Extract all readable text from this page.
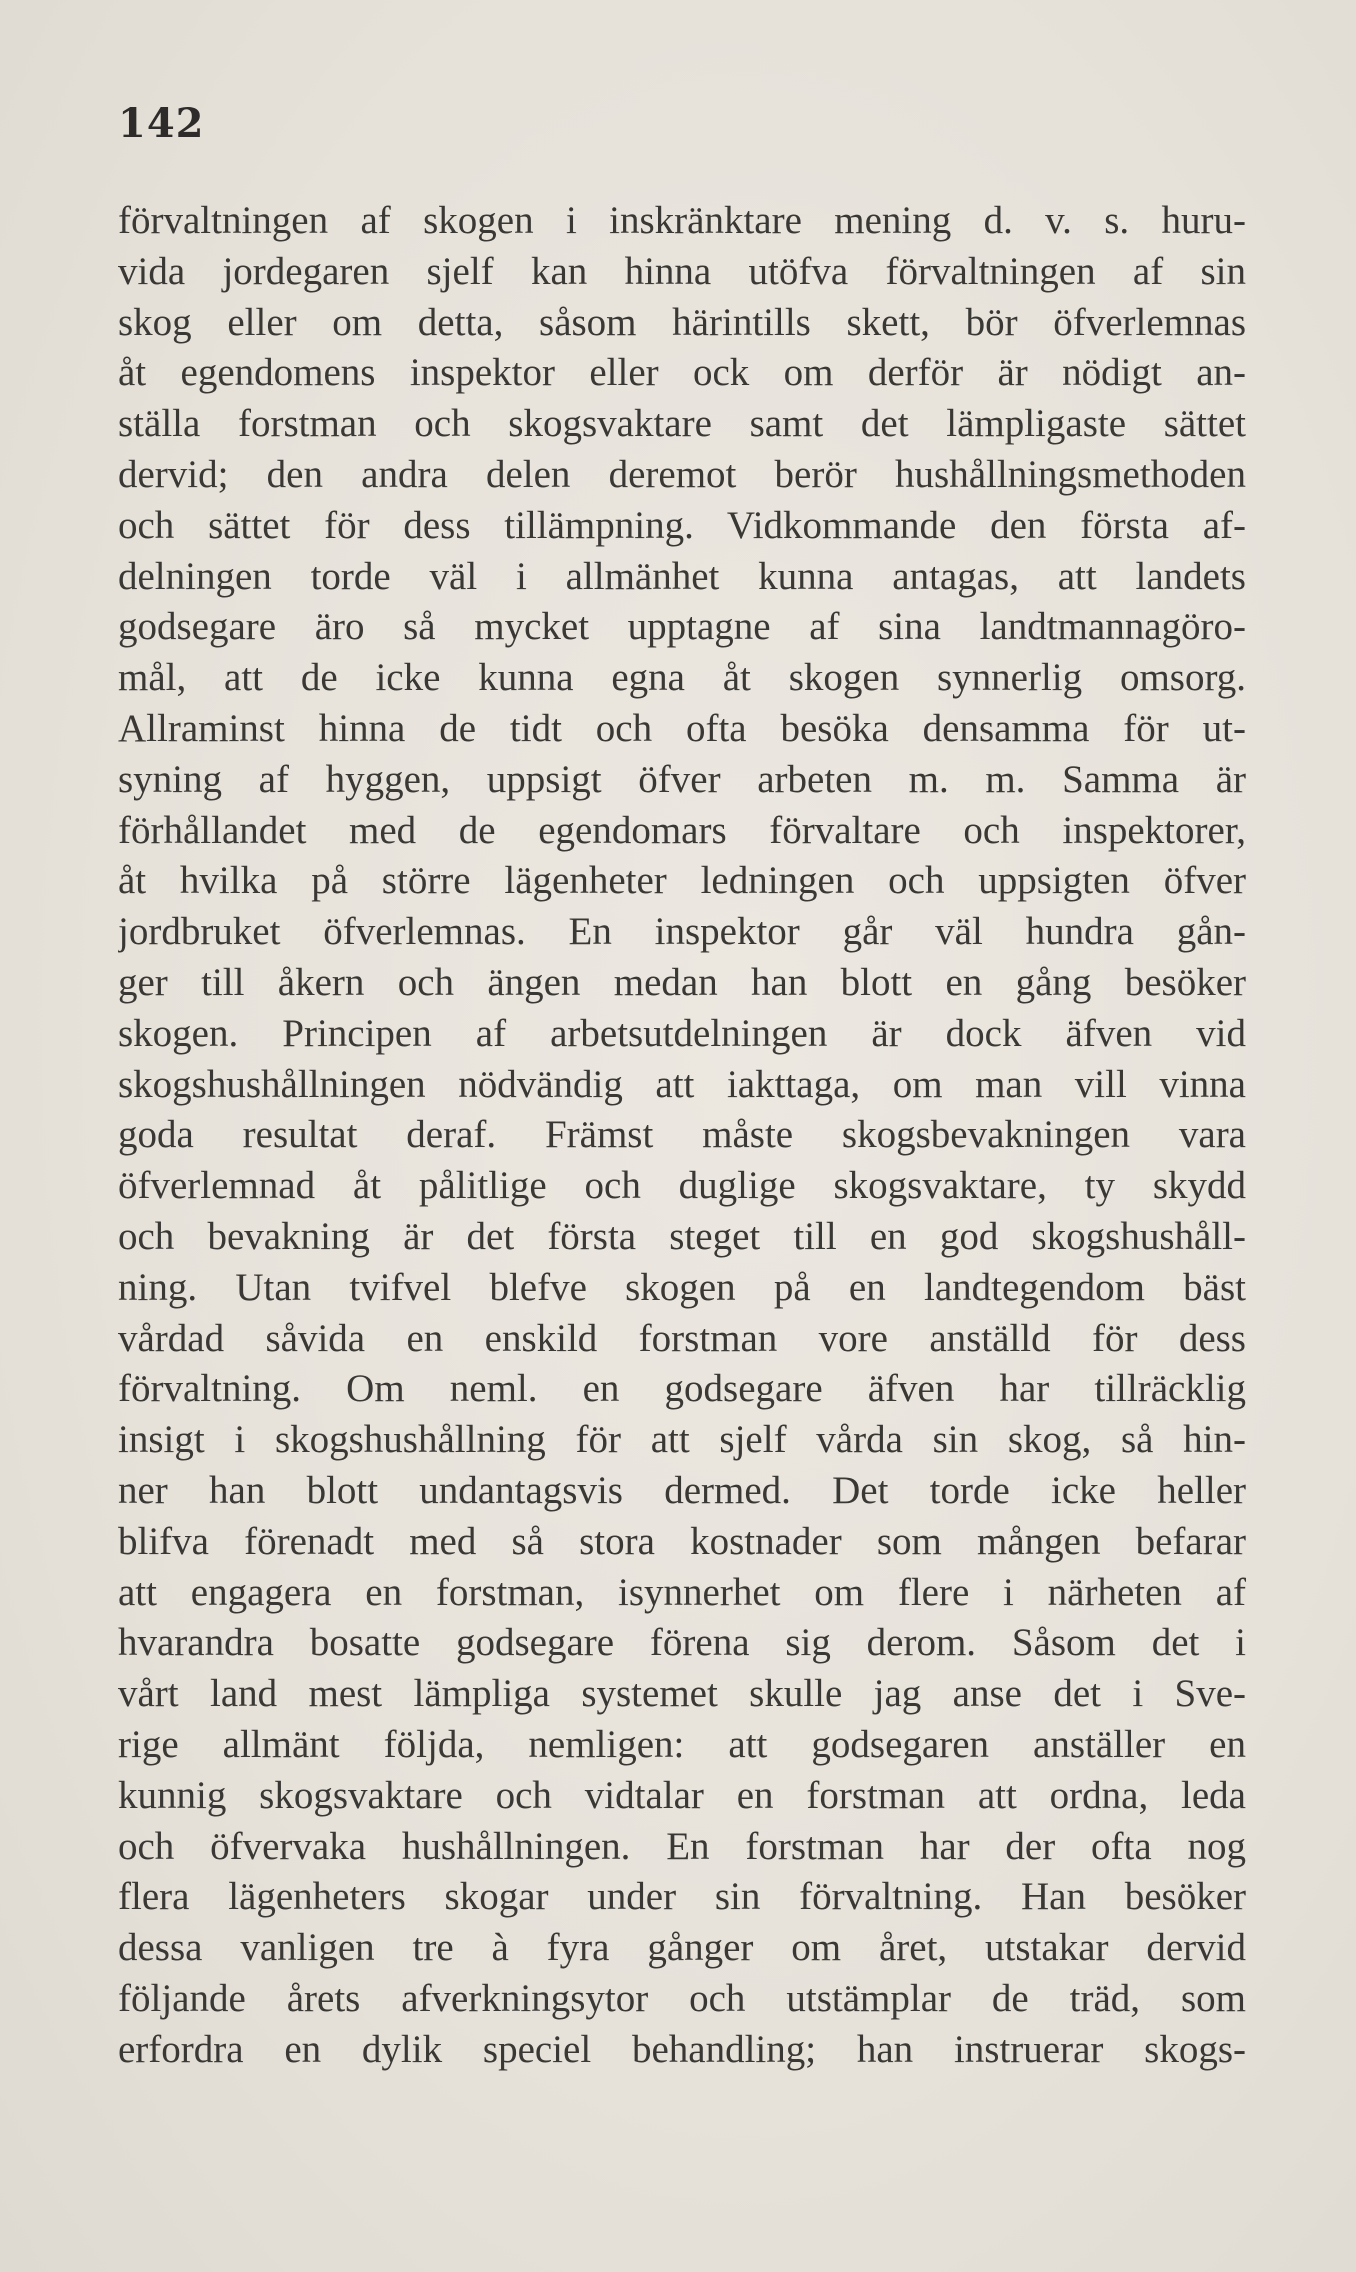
142
förvaltningen af skogen i inskränktare mening d. v. s. huru-
vida jordegaren sjelf kan hinna utöfva förvaltningen af sin
skog eller om detta, såsom härintills skett, bör öfverlemnas
åt egendomens inspektor eller ock om derför är nödigt an-
ställa forstman och skogsvaktare samt det lämpligaste sättet
dervid; den andra delen deremot berör hushållningsmethoden
och sättet för dess tillämpning. Vidkommande den första af-
delningen torde väl i allmänhet kunna antagas, att landets
godsegare äro så mycket upptagne af sina landtmannagöro-
mål, att de icke kunna egna åt skogen synnerlig omsorg.
Allraminst hinna de tidt och ofta besöka densamma för ut-
syning af hyggen, uppsigt öfver arbeten m. m. Samma är
förhållandet med de egendomars förvaltare och inspektorer,
åt hvilka på större lägenheter ledningen och uppsigten öfver
jordbruket öfverlemnas. En inspektor går väl hundra gån-
ger till åkern och ängen medan han blott en gång besöker
skogen. Principen af arbetsutdelningen är dock äfven vid
skogshushållningen nödvändig att iakttaga, om man vill vinna
goda resultat deraf. Främst måste skogsbevakningen vara
öfverlemnad åt pålitlige och duglige skogsvaktare, ty skydd
och bevakning är det första steget till en god skogshushåll-
ning. Utan tvifvel blefve skogen på en landtegendom bäst
vårdad såvida en enskild forstman vore anställd för dess
förvaltning. Om neml. en godsegare äfven har tillräcklig
insigt i skogshushållning för att sjelf vårda sin skog, så hin-
ner han blott undantagsvis dermed. Det torde icke heller
blifva förenadt med så stora kostnader som mången befarar
att engagera en forstman, isynnerhet om flere i närheten af
hvarandra bosatte godsegare förena sig derom. Såsom det i
vårt land mest lämpliga systemet skulle jag anse det i Sve-
rige allmänt följda, nemligen: att godsegaren anställer en
kunnig skogsvaktare och vidtalar en forstman att ordna, leda
och öfvervaka hushållningen. En forstman har der ofta nog
flera lägenheters skogar under sin förvaltning. Han besöker
dessa vanligen tre à fyra gånger om året, utstakar dervid
följande årets afverkningsytor och utstämplar de träd, som
erfordra en dylik speciel behandling; han instruerar skogs-
